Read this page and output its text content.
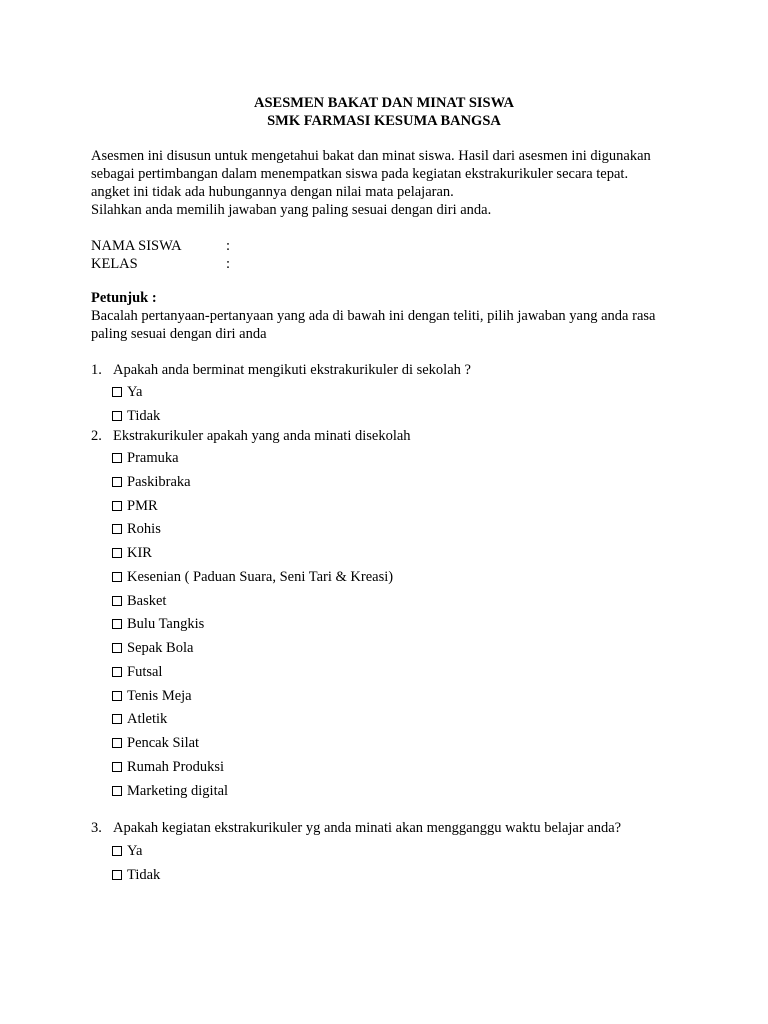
ASESMEN BAKAT DAN MINAT SISWA
SMK FARMASI KESUMA BANGSA
Asesmen ini disusun untuk mengetahui bakat dan minat siswa. Hasil dari asesmen ini digunakan
sebagai pertimbangan dalam menempatkan siswa pada kegiatan ekstrakurikuler secara tepat.
angket ini tidak ada hubungannya dengan nilai mata pelajaran.
Silahkan anda memilih jawaban yang paling sesuai dengan diri anda.
NAMA SISWA	:
KELAS	:
Petunjuk :
Bacalah pertanyaan-pertanyaan yang ada di bawah ini dengan teliti, pilih jawaban yang anda rasa
paling sesuai dengan diri anda
1. Apakah anda berminat mengikuti ekstrakurikuler di sekolah ?
Ya
Tidak
2. Ekstrakurikuler apakah yang anda minati disekolah
Pramuka
Paskibraka
PMR
Rohis
KIR
Kesenian ( Paduan Suara, Seni Tari & Kreasi)
Basket
Bulu Tangkis
Sepak Bola
Futsal
Tenis Meja
Atletik
Pencak Silat
Rumah Produksi
Marketing digital
3. Apakah kegiatan ekstrakurikuler yg anda minati akan mengganggu waktu belajar anda?
Ya
Tidak
